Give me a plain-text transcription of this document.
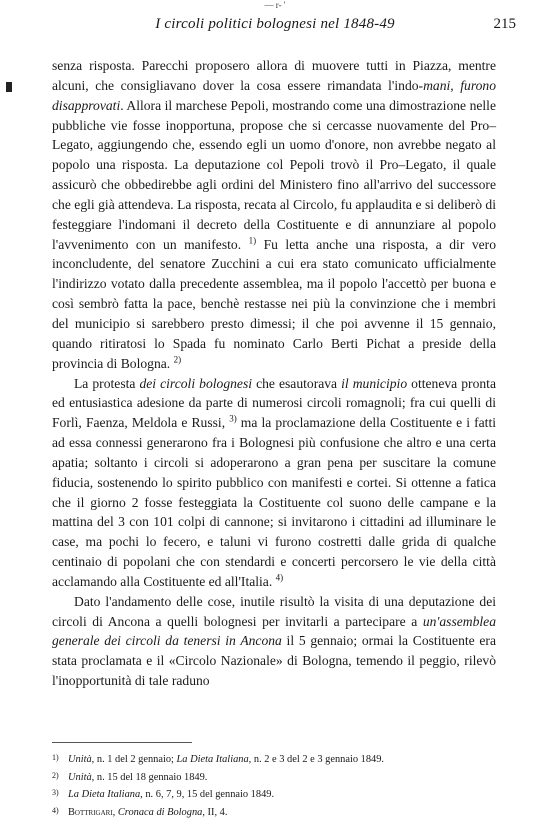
— r- '
I circoli politici bolognesi nel 1848-49	215

senza risposta. Parecchi proposero allora di muovere tutti in Piazza, mentre alcuni, che consigliavano dover la cosa essere rimandata l'indo-mani, furono disapprovati. Allora il marchese Pepoli, mostrando come una dimostrazione nelle pubbliche vie fosse inopportuna, propose che si cercasse nuovamente del Pro–Legato, aggiungendo che, essendo egli un uomo d'onore, non avrebbe negato al popolo una risposta. La deputazione col Pepoli trovò il Pro–Legato, il quale assicurò che obbedirebbe agli ordini del Ministero fino all'arrivo del successore che egli già attendeva. La risposta, recata al Circolo, fu applaudita e si deliberò di festeggiare l'indomani il decreto della Costituente e di annunziare al popolo l'avvenimento con un manifesto. $^{1)}$ Fu letta anche una risposta, a dir vero inconcludente, del senatore Zucchini a cui era stato comunicato ufficialmente l'indirizzo votato dalla precedente assemblea, ma il popolo l'accettò per buona e così sembrò fatta la pace, benchè restasse nei più la convinzione che i membri del municipio si sarebbero presto dimessi; il che poi avvenne il 15 gennaio, quando ritiratosi lo Spada fu nominato Carlo Berti Pichat a preside della provincia di Bologna. $^{2)}$

La protesta dei circoli bolognesi che esautorava il municipio otteneva pronta ed entusiastica adesione da parte di numerosi circoli romagnoli; fra cui quelli di Forlì, Faenza, Meldola e Russi, $^{3)}$ ma la proclamazione della Costituente e i fatti ad essa connessi generarono fra i Bolognesi più confusione che altro e una certa apatia; soltanto i circoli si adoperarono a gran pena per suscitare la comune fiducia, sostenendo lo spirito pubblico con manifesti e cortei. Si ottenne a fatica che il giorno 2 fosse festeggiata la Costituente col suono delle campane e la mattina del 3 con 101 colpi di cannone; si invitarono i cittadini ad illuminare le case, ma pochi lo fecero, e taluni vi furono costretti dalle grida di qualche centinaio di popolani che con stendardi e concerti percorsero le vie della città acclamando alla Costituente ed all'Italia. $^{4)}$

Dato l'andamento delle cose, inutile risultò la visita di una deputazione dei circoli di Ancona a quelli bolognesi per invitarli a partecipare a un'assemblea generale dei circoli da tenersi in Ancona il 5 gennaio; ormai la Costituente era stata proclamata e il «Circolo Nazionale» di Bologna, temendo il peggio, rilevò l'inopportunità di tale raduno

1) Unità, n. 1 del 2 gennaio; La Dieta Italiana, n. 2 e 3 del 2 e 3 gennaio 1849.
2) Unità, n. 15 del 18 gennaio 1849.
3) La Dieta Italiana, n. 6, 7, 9, 15 del gennaio 1849.
4) Bottrigari, Cronaca di Bologna, II, 4.
